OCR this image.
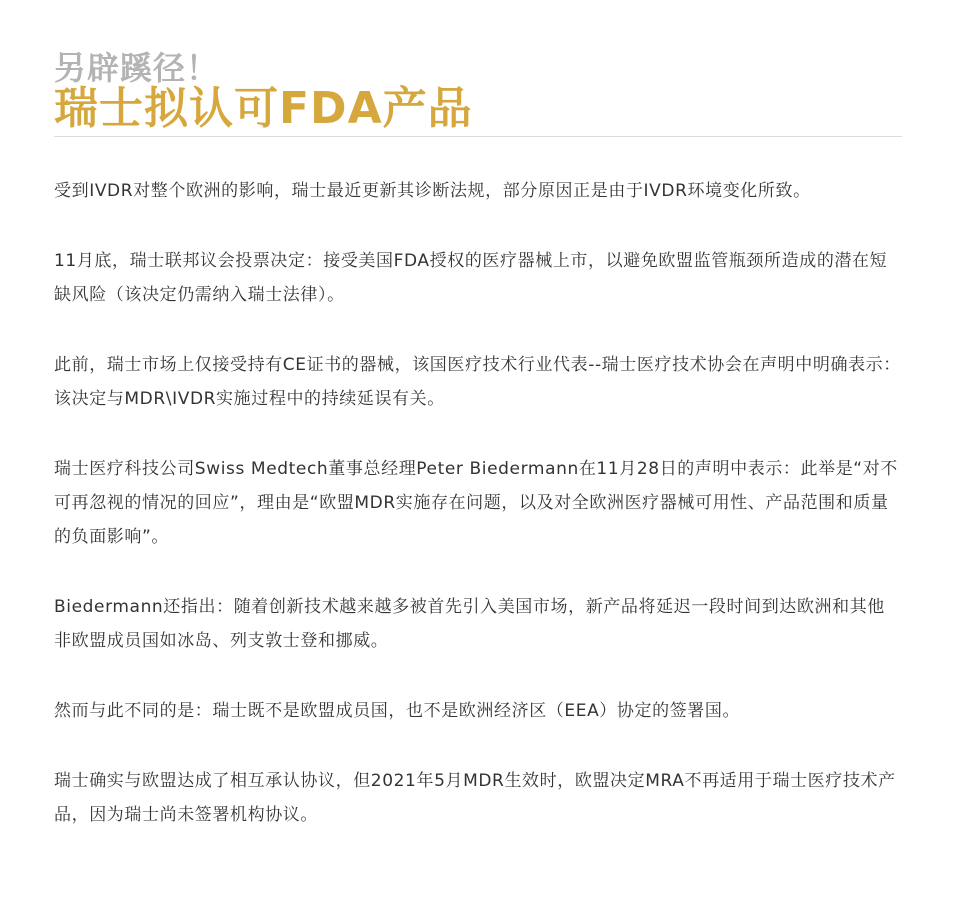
另辟蹊径！
瑞士拟认可FDA产品

受到IVDR对整个欧洲的影响，瑞士最近更新其诊断法规，部分原因正是由于IVDR环境变化所致。

11月底，瑞士联邦议会投票决定：接受美国FDA授权的医疗器械上市，以避免欧盟监管瓶颈所造成的潜在短缺风险（该决定仍需纳入瑞士法律）。

此前，瑞士市场上仅接受持有CE证书的器械，该国医疗技术行业代表--瑞士医疗技术协会在声明中明确表示：该决定与MDR\IVDR实施过程中的持续延误有关。

瑞士医疗科技公司Swiss Medtech董事总经理Peter Biedermann在11月28日的声明中表示：此举是“对不可再忽视的情况的回应”，理由是“欧盟MDR实施存在问题，以及对全欧洲医疗器械可用性、产品范围和质量的负面影响”。

Biedermann还指出：随着创新技术越来越多被首先引入美国市场，新产品将延迟一段时间到达欧洲和其他非欧盟成员国如冰岛、列支敦士登和挪威。

然而与此不同的是：瑞士既不是欧盟成员国，也不是欧洲经济区（EEA）协定的签署国。

瑞士确实与欧盟达成了相互承认协议，但2021年5月MDR生效时，欧盟决定MRA不再适用于瑞士医疗技术产品，因为瑞士尚未签署机构协议。
